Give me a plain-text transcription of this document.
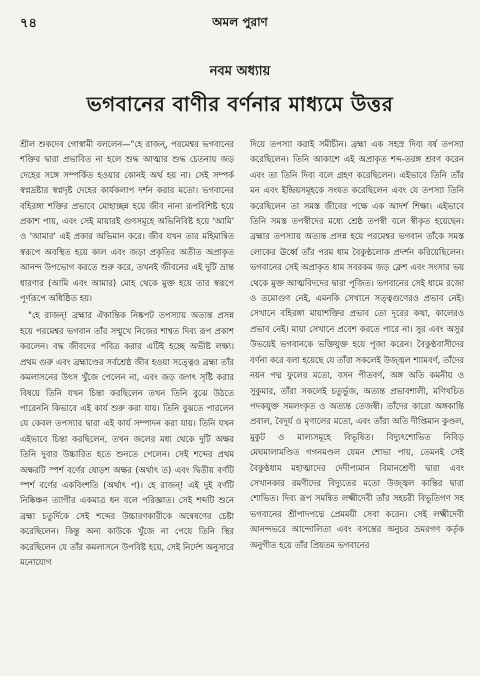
৭৪	অমল পুরাণ
নবম অধ্যায়
ভগবানের বাণীর বর্ণনার মাধ্যমে উত্তর

শ্রীল শুকদেব গোস্বামী বললেন—"হে রাজন্‌, পরমেশ্বর ভগবানের শক্তির দ্বারা প্রভাবিত না হলে শুদ্ধ আত্মার শুদ্ধ চেতনায় জড় দেহের সঙ্গে সম্পর্কিত হওয়ার কোনই অর্থ হয় না। সেই সম্পর্ক স্বপ্নদ্রষ্টার স্বপ্নদৃষ্ট দেহের কার্যকলাপ দর্শন করার মতো। ভগবানের বহিরঙ্গা শক্তির প্রভাবে মোহাচ্ছন্ন হয়ে জীব নানা রূপবিশিষ্ট হয়ে প্রকাশ পায়, এবং সেই মায়ারই গুণসমূহে অভিনিবিষ্ট হয়ে 'আমি' ও 'আমার' এই প্রকার অভিমান করে। জীব যখন তার মহিমান্বিত স্বরূপে অবস্থিত হয়ে কাল এবং জড়া প্রকৃতির অতীত অপ্রাকৃত আনন্দ উপভোগ করতে শুরু করে, তখনই জীবনের এই দুটি ভ্রান্ত ধারণার (আমি এবং আমার) মোহ থেকে মুক্ত হয়ে তার স্বরূপে পূর্ণরূপে অধিষ্ঠিত হয়।

"হে রাজন্‌! ব্রহ্মার ঐকান্তিক নিষ্কপট তপস্যায় অত্যন্ত প্রসন্ন হয়ে পরমেশ্বর ভগবান তাঁর সম্মুখে নিজের শাশ্বত দিব্য রূপ প্রকাশ করলেন। বদ্ধ জীবদের পবিত্র করার এটিই হচ্ছে অভীষ্ট লক্ষ্য। প্রথম গুরু এবং ব্রহ্মাণ্ডের সর্বশ্রেষ্ঠ জীব হওয়া সত্ত্বেও ব্রহ্মা তাঁর কমলাসনের উৎস খুঁজে পেলেন না, এবং জড় জগৎ সৃষ্টি করার বিষয়ে তিনি যখন চিন্তা করছিলেন তখন তিনি বুঝে উঠতে পারেননি কিভাবে এই কার্য শুরু করা যায়। তিনি বুঝতে পারলেন যে কেবল তপস্যার দ্বারা এই কার্য সম্পাদন করা যায়। তিনি যখন এইভাবে চিন্তা করছিলেন, তখন জলের মধ্য থেকে দুটি অক্ষর তিনি দুবার উচ্চারিত হতে শুনতে পেলেন। সেই শব্দের প্রথম অক্ষরটি স্পর্শ বর্ণের ষোড়শ অক্ষর (অর্থাৎ ত) এবং দ্বিতীয় বর্ণটি স্পর্শ বর্ণের একবিংশতি (অর্থাৎ প)। হে রাজন্‌! এই দুই বর্ণটি নিষ্কিঞ্চন ত্যাগীর একমাত্র ধন বলে পরিজ্ঞাত। সেই শব্দটি শুনে ব্রহ্মা চতুর্দিকে সেই শব্দের উচ্চারণকারীকে অন্বেষণের চেষ্টা করেছিলেন। কিন্তু অন্য কাউকে খুঁজে না পেয়ে তিনি স্থির করেছিলেন যে তাঁর কমলাসনে উপবিষ্ট হয়ে, সেই নির্দেশ অনুসারে মনোযোগ

দিয়ে তপস্যা করাই সমীচীন। ব্রহ্মা এক সহস্র দিব্য বর্ষ তপস্যা করেছিলেন। তিনি আকাশে এই অপ্রাকৃত শব্দ-তরঙ্গ শ্রবণ করেন এবং তা তিনি দিব্য বলে গ্রহণ করেছিলেন। এইভাবে তিনি তাঁর মন এবং ইন্দ্রিয়সমূহকে সংযত করেছিলেন এবং যে তপস্যা তিনি করেছিলেন তা সমস্ত জীবের পক্ষে এক আদর্শ শিক্ষা। এইভাবে তিনি সমস্ত তপস্বীদের মধ্যে শ্রেষ্ঠ তপস্বী বলে স্বীকৃত হয়েছেন। ব্রহ্মার তপস্যায় অত্যন্ত প্রসন্ন হয়ে পরমেশ্বর ভগবান তাঁকে সমস্ত লোকের ঊর্ধ্বে তাঁর পরম ধাম বৈকুণ্ঠলোক প্রদর্শন করিয়েছিলেন। ভগবানের সেই অপ্রাকৃত ধাম সবরকম জড় ক্লেশ এবং সংসার ভয় থেকে মুক্ত আত্মবিদদের দ্বারা পূজিত। ভগবানের সেই ধামে রজো ও তমোগুণ নেই, এমনকি সেখানে সত্ত্বগুণেরও প্রভাব নেই। সেখানে বহিরঙ্গা মায়াশক্তির প্রভাব তো দূরের কথা, কালেরও প্রভাব নেই। মায়া সেখানে প্রবেশ করতে পারে না। সুর এবং অসুর উভয়েই ভগবানকে ভক্তিযুক্ত হয়ে পূজা করেন। বৈকুণ্ঠবাসীদের বর্ণনা করে বলা হয়েছে যে তাঁরা সকলেই উজ্জ্বল শ্যামবর্ণ, তাঁদের নয়ন পদ্ম ফুলের মতো, বসন পীতবর্ণ, অঙ্গ অতি কমনীয় ও সুকুমার, তাঁরা সকলেই চতুর্ভুজ, অত্যন্ত প্রভাবশালী, মণিখচিত পদকযুক্ত সমলংকৃত ও অত্যন্ত তেজস্বী। তাঁদের কারো অঙ্গকান্তি প্রবাল, বৈদূর্য ও মৃণালের মতো, এবং তাঁরা অতি দীপ্তিমান কুণ্ডল, মুকুট ও মাল্যসমূহে বিভূষিত। বিদ্যুৎশোভিত নিবিড় মেঘমালামণ্ডিত গগনমণ্ডল যেমন শোভা পায়, তেমনই সেই বৈকুণ্ঠধাম মহাত্মাদের দেদীপ্যমান বিমানশ্রেণী দ্বারা এবং সেখানকার রমণীদের বিদ্যুতের মতো উজ্জ্বল কান্তির দ্বারা শোভিত। দিব্য রূপ সমন্বিত লক্ষ্মীদেবী তাঁর সহচরী বিভূতিগণ সহ ভগবানের শ্রীপাদপদ্মে প্রেমময়ী সেবা করেন। সেই লক্ষ্মীদেবী আনন্দভরে আন্দোলিতা এবং বসন্তের অনুচর ভ্রমরগণ কর্তৃক অনুগীত হয়ে তাঁর প্রিয়তম ভগবানের
